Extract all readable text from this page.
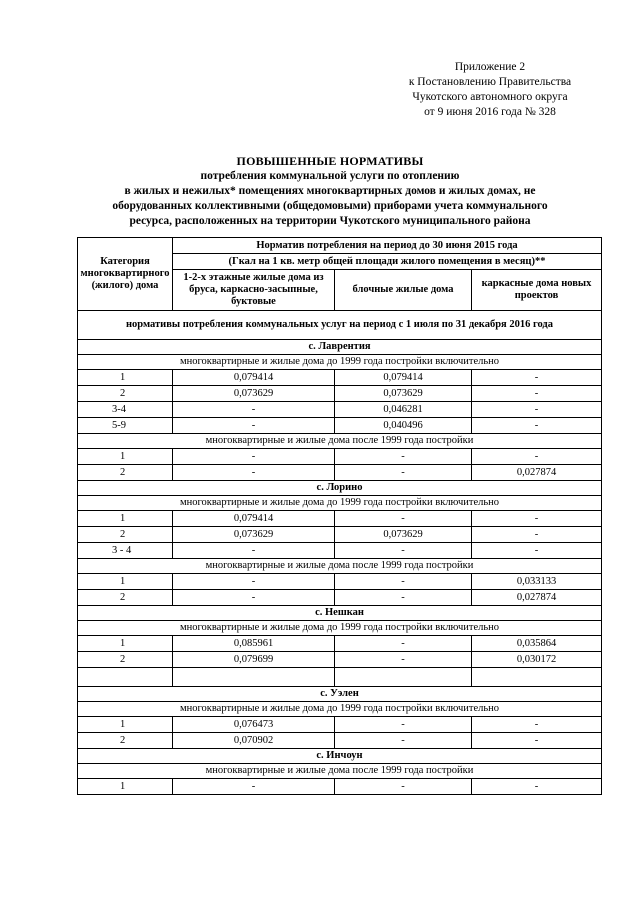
Приложение 2
к Постановлению Правительства
Чукотского автономного округа
от 9 июня 2016 года № 328
ПОВЫШЕННЫЕ НОРМАТИВЫ
потребления коммунальной услуги по отоплению
в жилых и нежилых* помещениях многоквартирных домов и жилых домах, не
оборудованных коллективными (общедомовыми) приборами учета коммунального
ресурса, расположенных на территории Чукотского муниципального района
Категория многоквартирного (жилого) дома	Норматив потребления на период до 30 июня 2015 года		
	(Гкал на 1 кв. метр общей площади жилого помещения в месяц)**		
	1-2-х этажные жилые дома из бруса, каркасно-засыпные, буктовые	блочные жилые дома	каркасные дома новых проектов
нормативы потребления коммунальных услуг на период с 1 июля по 31 декабря 2016 года			
с. Лаврентия			
многоквартирные и жилые дома до 1999 года постройки включительно			
1	0,079414	0,079414	-
2	0,073629	0,073629	-
3-4	-	0,046281	-
5-9	-	0,040496	-
многоквартирные и жилые дома после 1999 года постройки			
1	-	-	-
2	-	-	0,027874
с. Лорино			
многоквартирные и жилые дома до 1999 года постройки включительно			
1	0,079414	-	-
2	0,073629	0,073629	-
3 - 4	-	-	-
многоквартирные и жилые дома после 1999 года постройки			
1	-	-	0,033133
2	-	-	0,027874
с. Нешкан			
многоквартирные и жилые дома до 1999 года постройки включительно			
1	0,085961	-	0,035864
2	0,079699	-	0,030172

с. Уэлен			
многоквартирные и жилые дома до 1999 года постройки включительно			
1	0,076473	-	-
2	0,070902	-	-
с. Инчоун			
многоквартирные и жилые дома после 1999 года постройки			
1	-	-	-
